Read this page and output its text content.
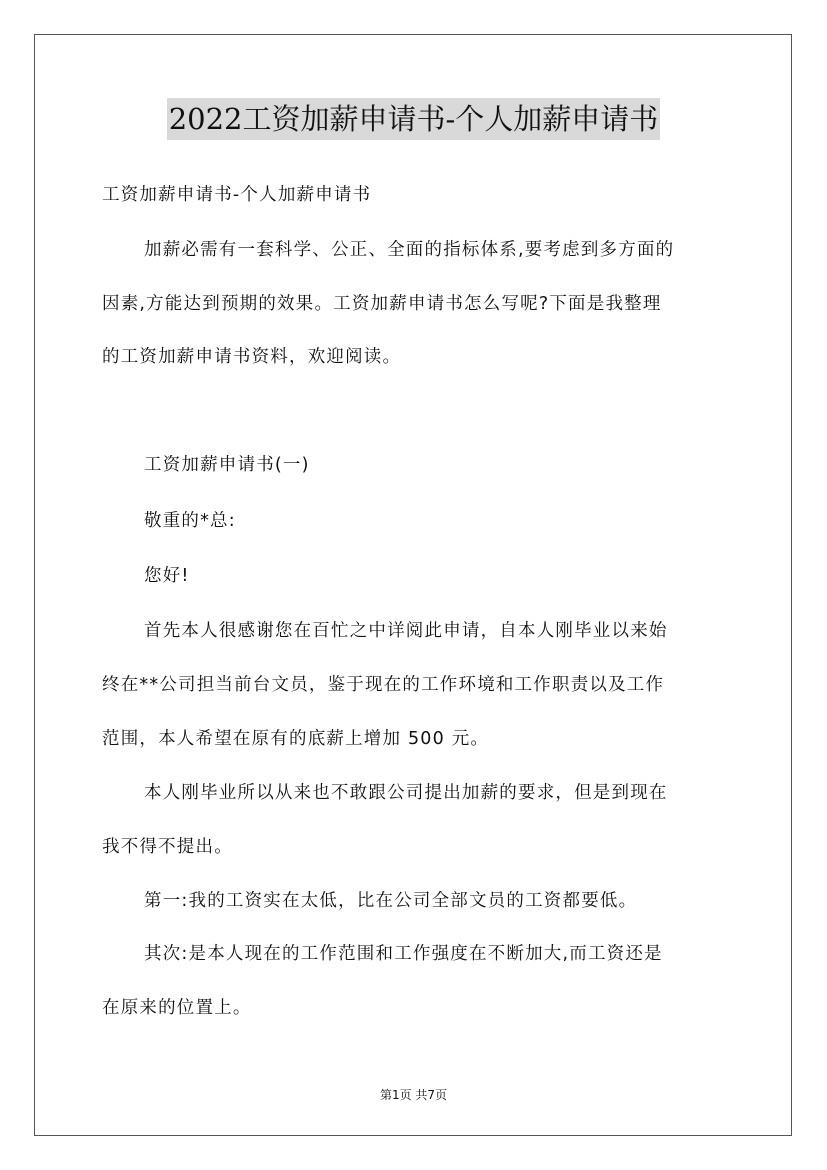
2022工资加薪申请书-个人加薪申请书
工资加薪申请书-个人加薪申请书
加薪必需有一套科学、公正、全面的指标体系,要考虑到多方面的
因素,方能达到预期的效果。工资加薪申请书怎么写呢?下面是我整理
的工资加薪申请书资料，欢迎阅读。
工资加薪申请书(一)
敬重的*总:
您好!
首先本人很感谢您在百忙之中详阅此申请，自本人刚毕业以来始
终在**公司担当前台文员，鉴于现在的工作环境和工作职责以及工作
范围，本人希望在原有的底薪上增加 500 元。
本人刚毕业所以从来也不敢跟公司提出加薪的要求，但是到现在
我不得不提出。
第一:我的工资实在太低，比在公司全部文员的工资都要低。
其次:是本人现在的工作范围和工作强度在不断加大,而工资还是
在原来的位置上。
第1页 共7页
